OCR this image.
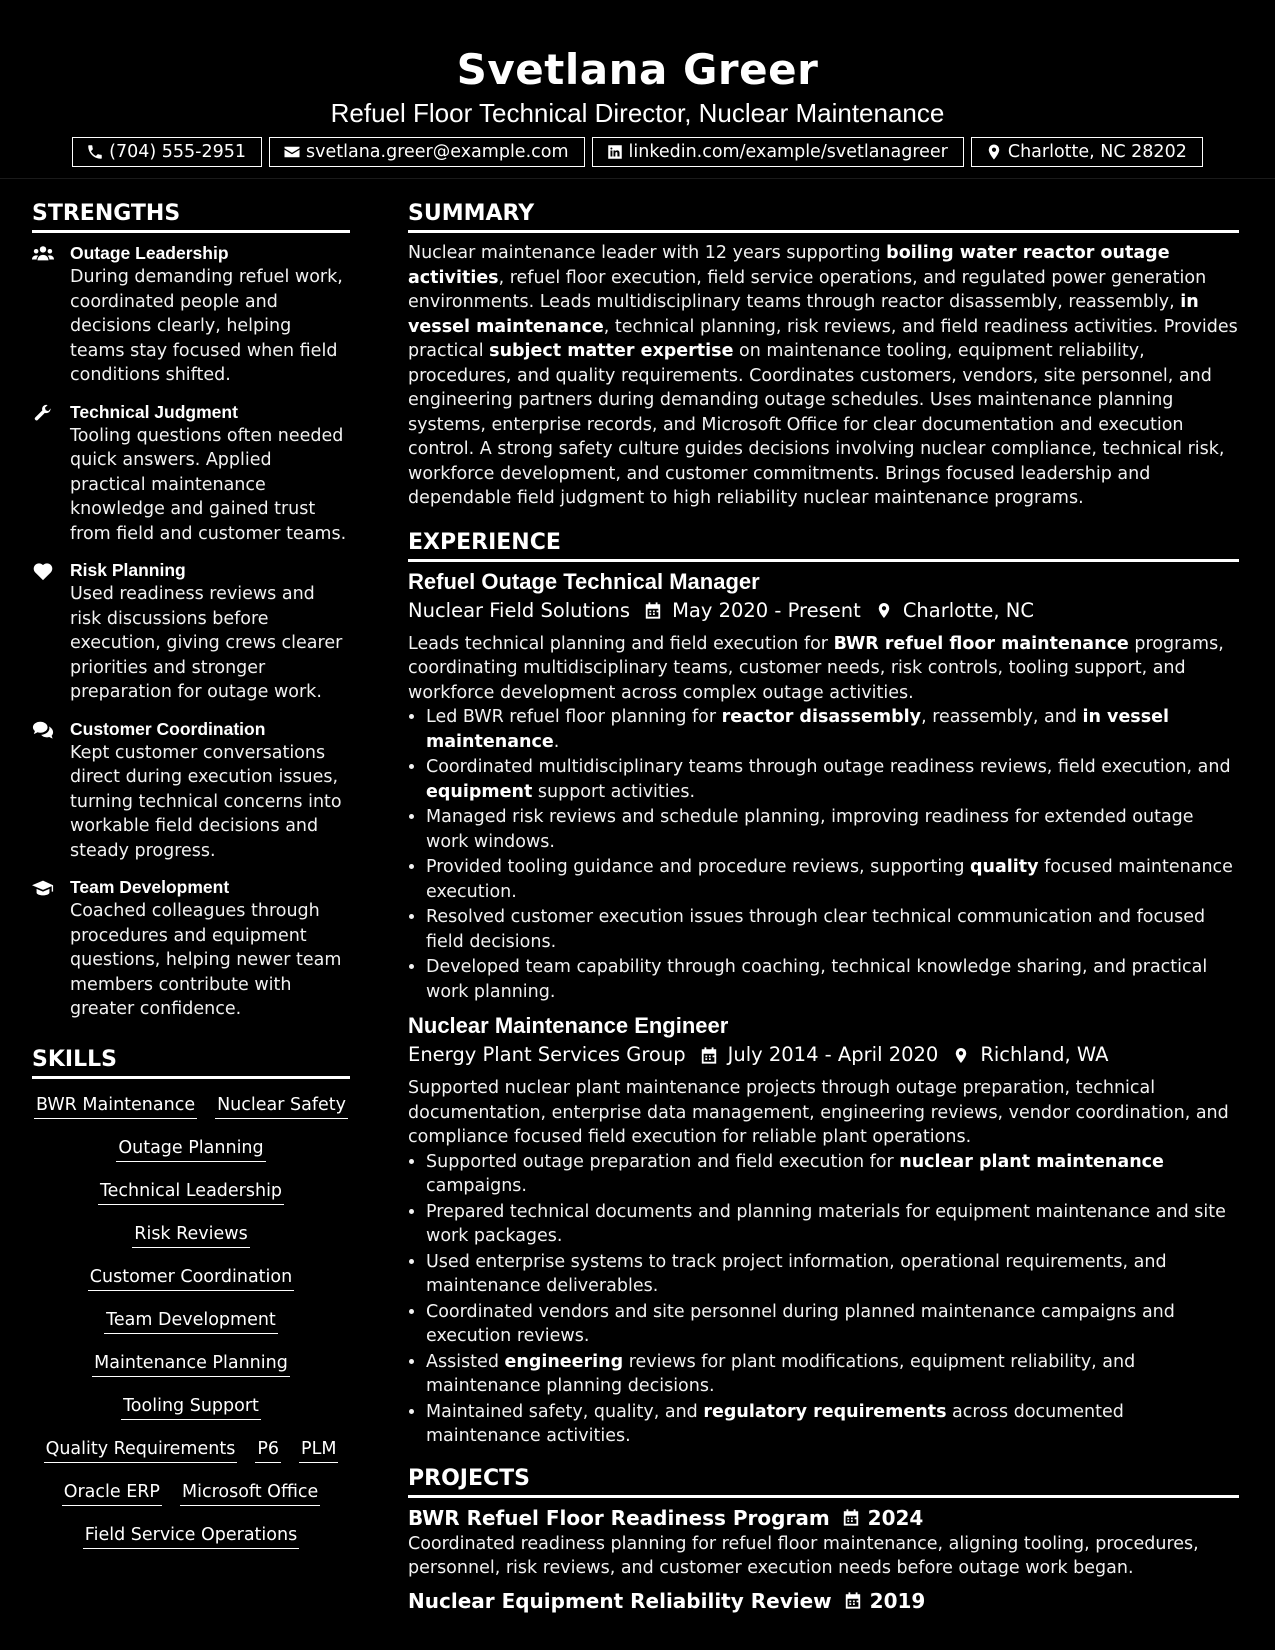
Svetlana Greer
Refuel Floor Technical Director, Nuclear Maintenance
(704) 555-2951	svetlana.greer@example.com	linkedin.com/example/svetlanagreer	Charlotte, NC 28202
STRENGTHS
Outage Leadership
During demanding refuel work, coordinated people and decisions clearly, helping teams stay focused when field conditions shifted.
Technical Judgment
Tooling questions often needed quick answers. Applied practical maintenance knowledge and gained trust from field and customer teams.
Risk Planning
Used readiness reviews and risk discussions before execution, giving crews clearer priorities and stronger preparation for outage work.
Customer Coordination
Kept customer conversations direct during execution issues, turning technical concerns into workable field decisions and steady progress.
Team Development
Coached colleagues through procedures and equipment questions, helping newer team members contribute with greater confidence.
SKILLS
BWR Maintenance Nuclear Safety
Outage Planning
Technical Leadership
Risk Reviews
Customer Coordination
Team Development
Maintenance Planning
Tooling Support
Quality Requirements P6 PLM
Oracle ERP Microsoft Office
Field Service Operations
SUMMARY
Nuclear maintenance leader with 12 years supporting boiling water reactor outage activities, refuel floor execution, field service operations, and regulated power generation environments. Leads multidisciplinary teams through reactor disassembly, reassembly, in vessel maintenance, technical planning, risk reviews, and field readiness activities. Provides practical subject matter expertise on maintenance tooling, equipment reliability, procedures, and quality requirements. Coordinates customers, vendors, site personnel, and engineering partners during demanding outage schedules. Uses maintenance planning systems, enterprise records, and Microsoft Office for clear documentation and execution control. A strong safety culture guides decisions involving nuclear compliance, technical risk, workforce development, and customer commitments. Brings focused leadership and dependable field judgment to high reliability nuclear maintenance programs.
EXPERIENCE
Refuel Outage Technical Manager
Nuclear Field Solutions May 2020 - Present Charlotte, NC
Leads technical planning and field execution for BWR refuel floor maintenance programs, coordinating multidisciplinary teams, customer needs, risk controls, tooling support, and workforce development across complex outage activities.
• Led BWR refuel floor planning for reactor disassembly, reassembly, and in vessel maintenance.
• Coordinated multidisciplinary teams through outage readiness reviews, field execution, and equipment support activities.
• Managed risk reviews and schedule planning, improving readiness for extended outage work windows.
• Provided tooling guidance and procedure reviews, supporting quality focused maintenance execution.
• Resolved customer execution issues through clear technical communication and focused field decisions.
• Developed team capability through coaching, technical knowledge sharing, and practical work planning.
Nuclear Maintenance Engineer
Energy Plant Services Group July 2014 - April 2020 Richland, WA
Supported nuclear plant maintenance projects through outage preparation, technical documentation, enterprise data management, engineering reviews, vendor coordination, and compliance focused field execution for reliable plant operations.
• Supported outage preparation and field execution for nuclear plant maintenance campaigns.
• Prepared technical documents and planning materials for equipment maintenance and site work packages.
• Used enterprise systems to track project information, operational requirements, and maintenance deliverables.
• Coordinated vendors and site personnel during planned maintenance campaigns and execution reviews.
• Assisted engineering reviews for plant modifications, equipment reliability, and maintenance planning decisions.
• Maintained safety, quality, and regulatory requirements across documented maintenance activities.
PROJECTS
BWR Refuel Floor Readiness Program 2024
Coordinated readiness planning for refuel floor maintenance, aligning tooling, procedures, personnel, risk reviews, and customer execution needs before outage work began.
Nuclear Equipment Reliability Review 2019
